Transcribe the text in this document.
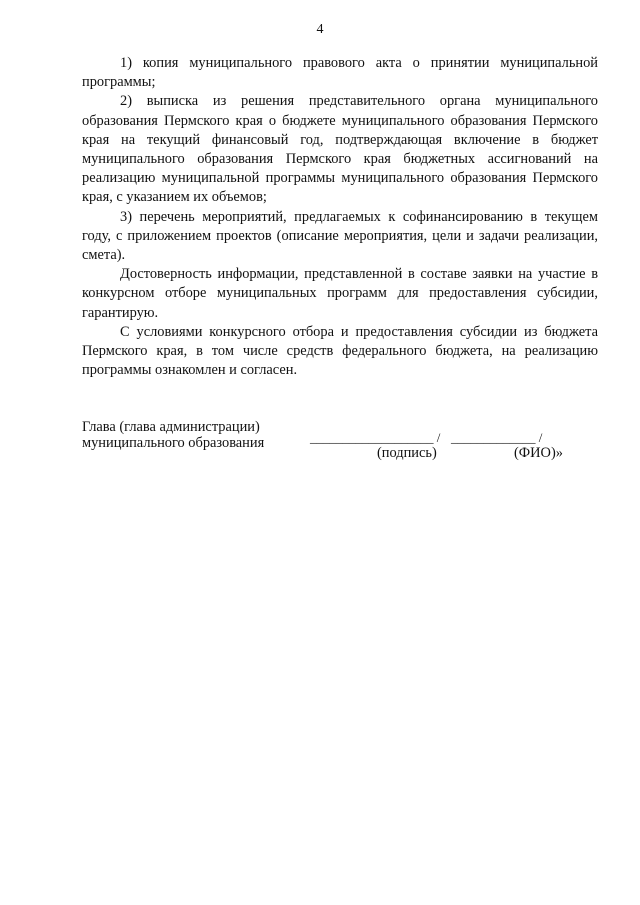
4

1) копия муниципального правового акта о принятии муниципальной программы;

2) выписка из решения представительного органа муниципального образования Пермского края о бюджете муниципального образования Пермского края на текущий финансовый год, подтверждающая включение в бюджет муниципального образования Пермского края бюджетных ассигнований на реализацию муниципальной программы муниципального образования Пермского края, с указанием их объемов;

3) перечень мероприятий, предлагаемых к софинансированию в текущем году, с приложением проектов (описание мероприятия, цели и задачи реализации, смета).

Достоверность информации, представленной в составе заявки на участие в конкурсном отборе муниципальных программ для предоставления субсидии, гарантирую.

С условиями конкурсного отбора и предоставления субсидии из бюджета Пермского края, в том числе средств федерального бюджета, на реализацию программы ознакомлен и согласен.

Глава (глава администрации)
муниципального образования	___________________ / _____________ /
(подпись)	(ФИО)»
